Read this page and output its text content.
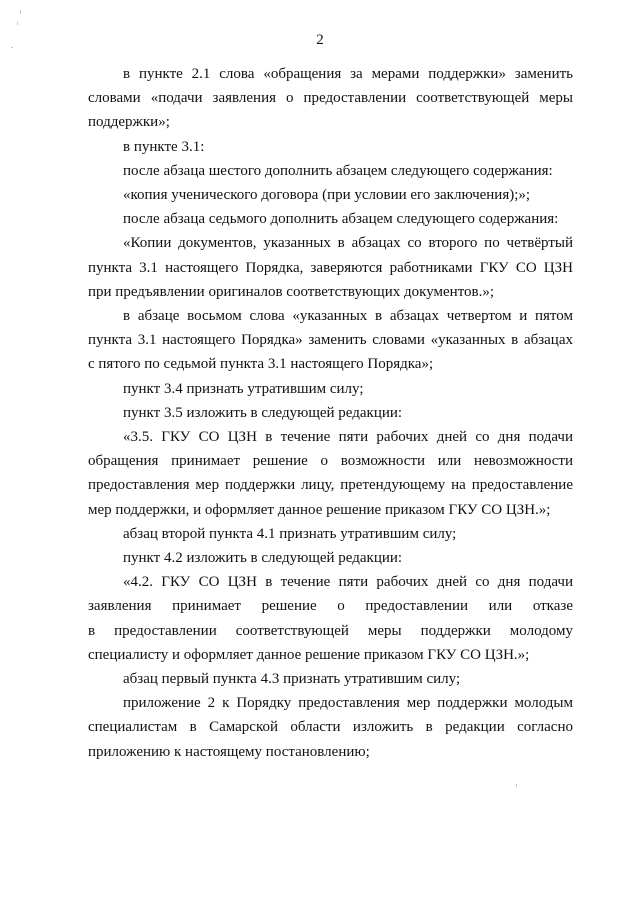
2
в пункте 2.1 слова «обращения за мерами поддержки» заменить
словами «подачи заявления о предоставлении соответствующей меры
поддержки»;

в пункте 3.1:

после абзаца шестого дополнить абзацем следующего содержания:

«копия ученического договора (при условии его заключения);»;

после абзаца седьмого дополнить абзацем следующего содержания:

«Копии документов, указанных в абзацах со второго по четвёртый
пункта 3.1 настоящего Порядка, заверяются работниками ГКУ СО ЦЗН
при предъявлении оригиналов соответствующих документов.»;
в абзаце восьмом слова «указанных в абзацах четвертом и пятом
пункта 3.1 настоящего Порядка» заменить словами «указанных в абзацах
с пятого по седьмой пункта 3.1 настоящего Порядка»;

пункт 3.4 признать утратившим силу;

пункт 3.5 изложить в следующей редакции:

«3.5. ГКУ СО ЦЗН в течение пяти рабочих дней со дня подачи
обращения принимает решение о возможности или невозможности
предоставления мер поддержки лицу, претендующему на предоставление
мер поддержки, и оформляет данное решение приказом ГКУ СО ЦЗН.»;

абзац второй пункта 4.1 признать утратившим силу;

пункт 4.2 изложить в следующей редакции:

«4.2. ГКУ СО ЦЗН в течение пяти рабочих дней со дня подачи
заявления принимает решение о предоставлении или отказе
в предоставлении соответствующей меры поддержки молодому
специалисту и оформляет данное решение приказом ГКУ СО ЦЗН.»;

абзац первый пункта 4.3 признать утратившим силу;

приложение 2 к Порядку предоставления мер поддержки молодым
специалистам в Самарской области изложить в редакции согласно
приложению к настоящему постановлению;
